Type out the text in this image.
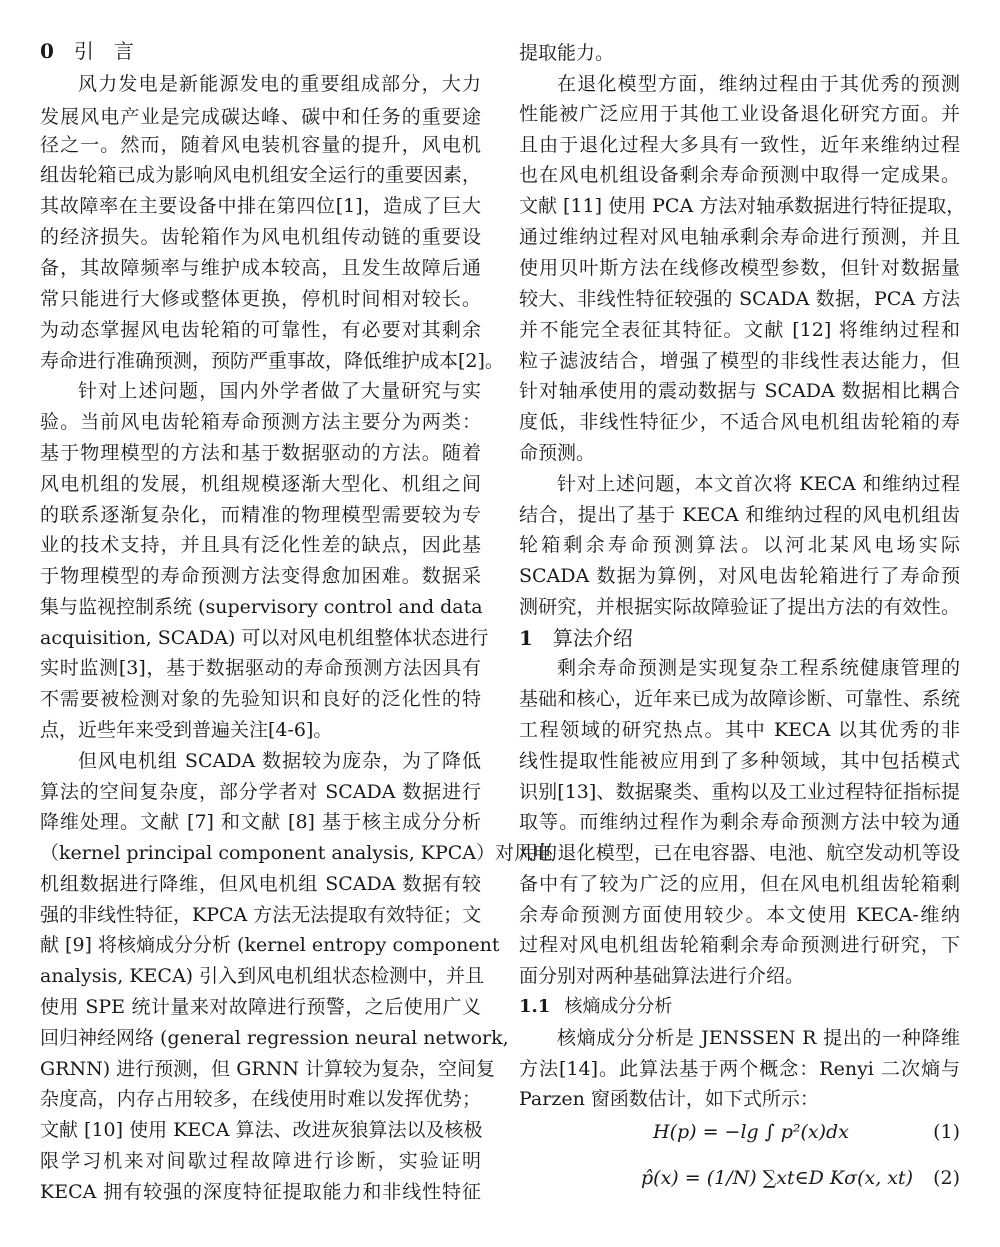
0 引　言
风力发电是新能源发电的重要组成部分，大力
发展风电产业是完成碳达峰、碳中和任务的重要途
径之一。然而，随着风电装机容量的提升，风电机
组齿轮箱已成为影响风电机组安全运行的重要因素，
其故障率在主要设备中排在第四位[1]，造成了巨大
的经济损失。齿轮箱作为风电机组传动链的重要设
备，其故障频率与维护成本较高，且发生故障后通
常只能进行大修或整体更换，停机时间相对较长。
为动态掌握风电齿轮箱的可靠性，有必要对其剩余
寿命进行准确预测，预防严重事故，降低维护成本[2]。
针对上述问题，国内外学者做了大量研究与实
验。当前风电齿轮箱寿命预测方法主要分为两类：
基于物理模型的方法和基于数据驱动的方法。随着
风电机组的发展，机组规模逐渐大型化、机组之间
的联系逐渐复杂化，而精准的物理模型需要较为专
业的技术支持，并且具有泛化性差的缺点，因此基
于物理模型的寿命预测方法变得愈加困难。数据采
集与监视控制系统 (supervisory control and data
acquisition, SCADA) 可以对风电机组整体状态进行
实时监测[3]，基于数据驱动的寿命预测方法因具有
不需要被检测对象的先验知识和良好的泛化性的特
点，近些年来受到普遍关注[4-6]。
但风电机组 SCADA 数据较为庞杂，为了降低
算法的空间复杂度，部分学者对 SCADA 数据进行
降维处理。文献 [7] 和文献 [8] 基于核主成分分析
（kernel principal component analysis, KPCA）对风电
机组数据进行降维，但风电机组 SCADA 数据有较
强的非线性特征，KPCA 方法无法提取有效特征；文
献 [9] 将核熵成分分析 (kernel entropy component
analysis, KECA) 引入到风电机组状态检测中，并且
使用 SPE 统计量来对故障进行预警，之后使用广义
回归神经网络 (general regression neural network,
GRNN) 进行预测，但 GRNN 计算较为复杂，空间复
杂度高，内存占用较多，在线使用时难以发挥优势；
文献 [10] 使用 KECA 算法、改进灰狼算法以及核极
限学习机来对间歇过程故障进行诊断，实验证明
KECA 拥有较强的深度特征提取能力和非线性特征
提取能力。
在退化模型方面，维纳过程由于其优秀的预测
性能被广泛应用于其他工业设备退化研究方面。并
且由于退化过程大多具有一致性，近年来维纳过程
也在风电机组设备剩余寿命预测中取得一定成果。
文献 [11] 使用 PCA 方法对轴承数据进行特征提取，
通过维纳过程对风电轴承剩余寿命进行预测，并且
使用贝叶斯方法在线修改模型参数，但针对数据量
较大、非线性特征较强的 SCADA 数据，PCA 方法
并不能完全表征其特征。文献 [12] 将维纳过程和
粒子滤波结合，增强了模型的非线性表达能力，但
针对轴承使用的震动数据与 SCADA 数据相比耦合
度低，非线性特征少，不适合风电机组齿轮箱的寿
命预测。
针对上述问题，本文首次将 KECA 和维纳过程
结合，提出了基于 KECA 和维纳过程的风电机组齿
轮箱剩余寿命预测算法。以河北某风电场实际
SCADA 数据为算例，对风电齿轮箱进行了寿命预
测研究，并根据实际故障验证了提出方法的有效性。
1 算法介绍
剩余寿命预测是实现复杂工程系统健康管理的
基础和核心，近年来已成为故障诊断、可靠性、系统
工程领域的研究热点。其中 KECA 以其优秀的非
线性提取性能被应用到了多种领域，其中包括模式
识别[13]、数据聚类、重构以及工业过程特征指标提
取等。而维纳过程作为剩余寿命预测方法中较为通
用的退化模型，已在电容器、电池、航空发动机等设
备中有了较为广泛的应用，但在风电机组齿轮箱剩
余寿命预测方面使用较少。本文使用 KECA-维纳
过程对风电机组齿轮箱剩余寿命预测进行研究，下
面分别对两种基础算法进行介绍。
1.1 核熵成分分析
核熵成分分析是 JENSSEN R 提出的一种降维
方法[14]。此算法基于两个概念：Renyi 二次熵与
Parzen 窗函数估计，如下式所示：
H(p) = −lg ∫ p²(x)dx	(1)
p̂(x) = (1/N) ∑xt∈D Kσ(x, xt) (2)
